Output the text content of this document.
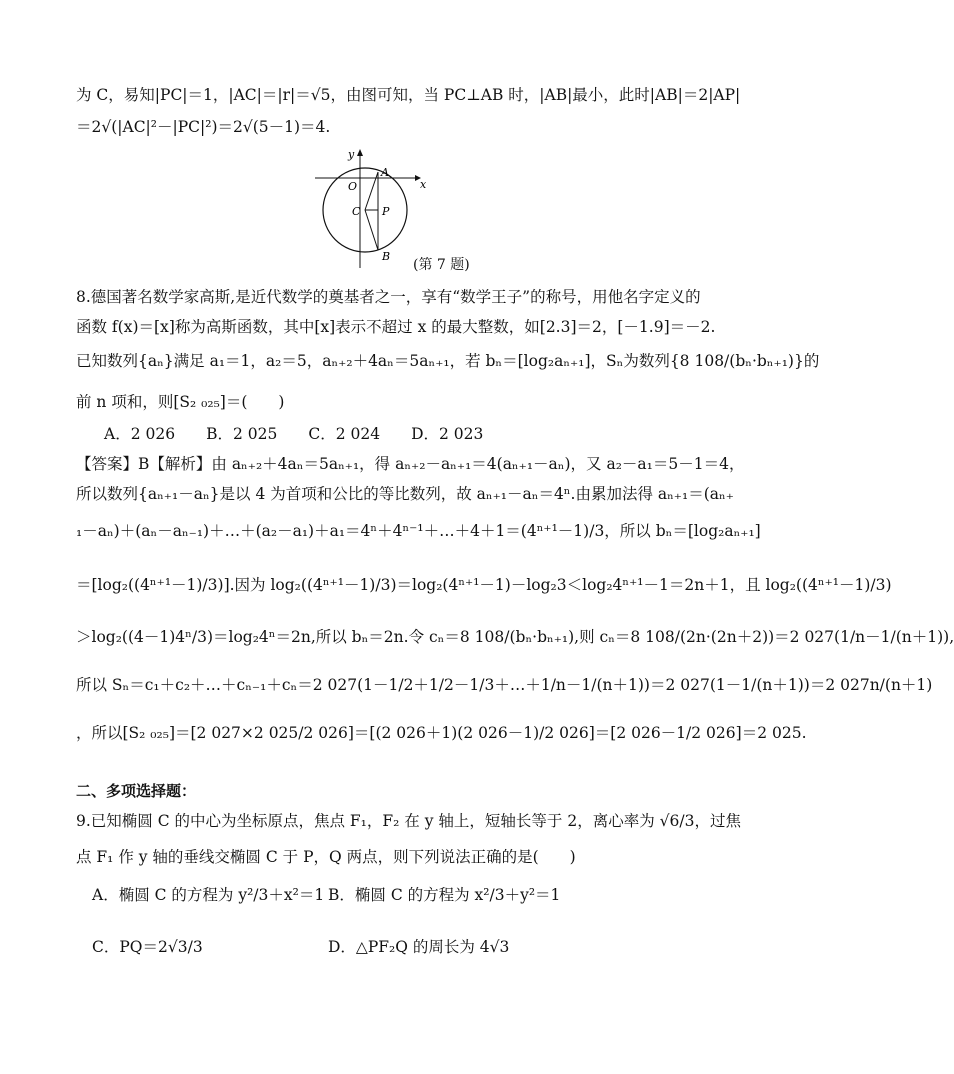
为 C，易知|PC|＝1，|AC|＝|r|＝√5，由图可知，当 PC⊥AB 时，|AB|最小，此时|AB|＝2|AP|
＝2√(|AC|²－|PC|²)＝2√(5－1)＝4.
y
x
O
A
C P
B
(第 7 题)
8.德国著名数学家高斯,是近代数学的奠基者之一，享有“数学王子”的称号，用他名字定义的
函数 f(x)＝[x]称为高斯函数，其中[x]表示不超过 x 的最大整数，如[2.3]＝2，[－1.9]＝－2.
已知数列{aₙ}满足 a₁＝1，a₂＝5，aₙ₊₂＋4aₙ＝5aₙ₊₁，若 bₙ＝[log₂aₙ₊₁]，Sₙ为数列{8 108/(bₙ·bₙ₊₁)}的
前 n 项和，则[S₂ ₀₂₅]＝(　　)
A．2 026　　B．2 025　　C．2 024　　D．2 023
【答案】B【解析】由 aₙ₊₂＋4aₙ＝5aₙ₊₁，得 aₙ₊₂－aₙ₊₁＝4(aₙ₊₁－aₙ)，又 a₂－a₁＝5－1＝4，
所以数列{aₙ₊₁－aₙ}是以 4 为首项和公比的等比数列，故 aₙ₊₁－aₙ＝4ⁿ.由累加法得 aₙ₊₁＝(aₙ₊
₁－aₙ)＋(aₙ－aₙ₋₁)＋…＋(a₂－a₁)＋a₁＝4ⁿ＋4ⁿ⁻¹＋…＋4＋1＝(4ⁿ⁺¹－1)/3，所以 bₙ＝[log₂aₙ₊₁]
＝[log₂((4ⁿ⁺¹－1)/3)].因为 log₂((4ⁿ⁺¹－1)/3)＝log₂(4ⁿ⁺¹－1)－log₂3＜log₂4ⁿ⁺¹－1＝2n＋1，且 log₂((4ⁿ⁺¹－1)/3)
＞log₂((4－1)4ⁿ/3)＝log₂4ⁿ＝2n,所以 bₙ＝2n.令 cₙ＝8 108/(bₙ·bₙ₊₁),则 cₙ＝8 108/(2n·(2n＋2))＝2 027(1/n－1/(n＋1)),
所以 Sₙ＝c₁＋c₂＋…＋cₙ₋₁＋cₙ＝2 027(1－1/2＋1/2－1/3＋…＋1/n－1/(n＋1))＝2 027(1－1/(n＋1))＝2 027n/(n＋1)
，所以[S₂ ₀₂₅]＝[2 027×2 025/2 026]＝[(2 026＋1)(2 026－1)/2 026]＝[2 026－1/2 026]＝2 025.
二、多项选择题：
9.已知椭圆 C 的中心为坐标原点，焦点 F₁，F₂ 在 y 轴上，短轴长等于 2，离心率为 √6/3，过焦
点 F₁ 作 y 轴的垂线交椭圆 C 于 P，Q 两点，则下列说法正确的是(　　)
A．椭圆 C 的方程为 y²/3＋x²＝1 B．椭圆 C 的方程为 x²/3＋y²＝1
C．PQ＝2√3/3	D．△PF₂Q 的周长为 4√3
